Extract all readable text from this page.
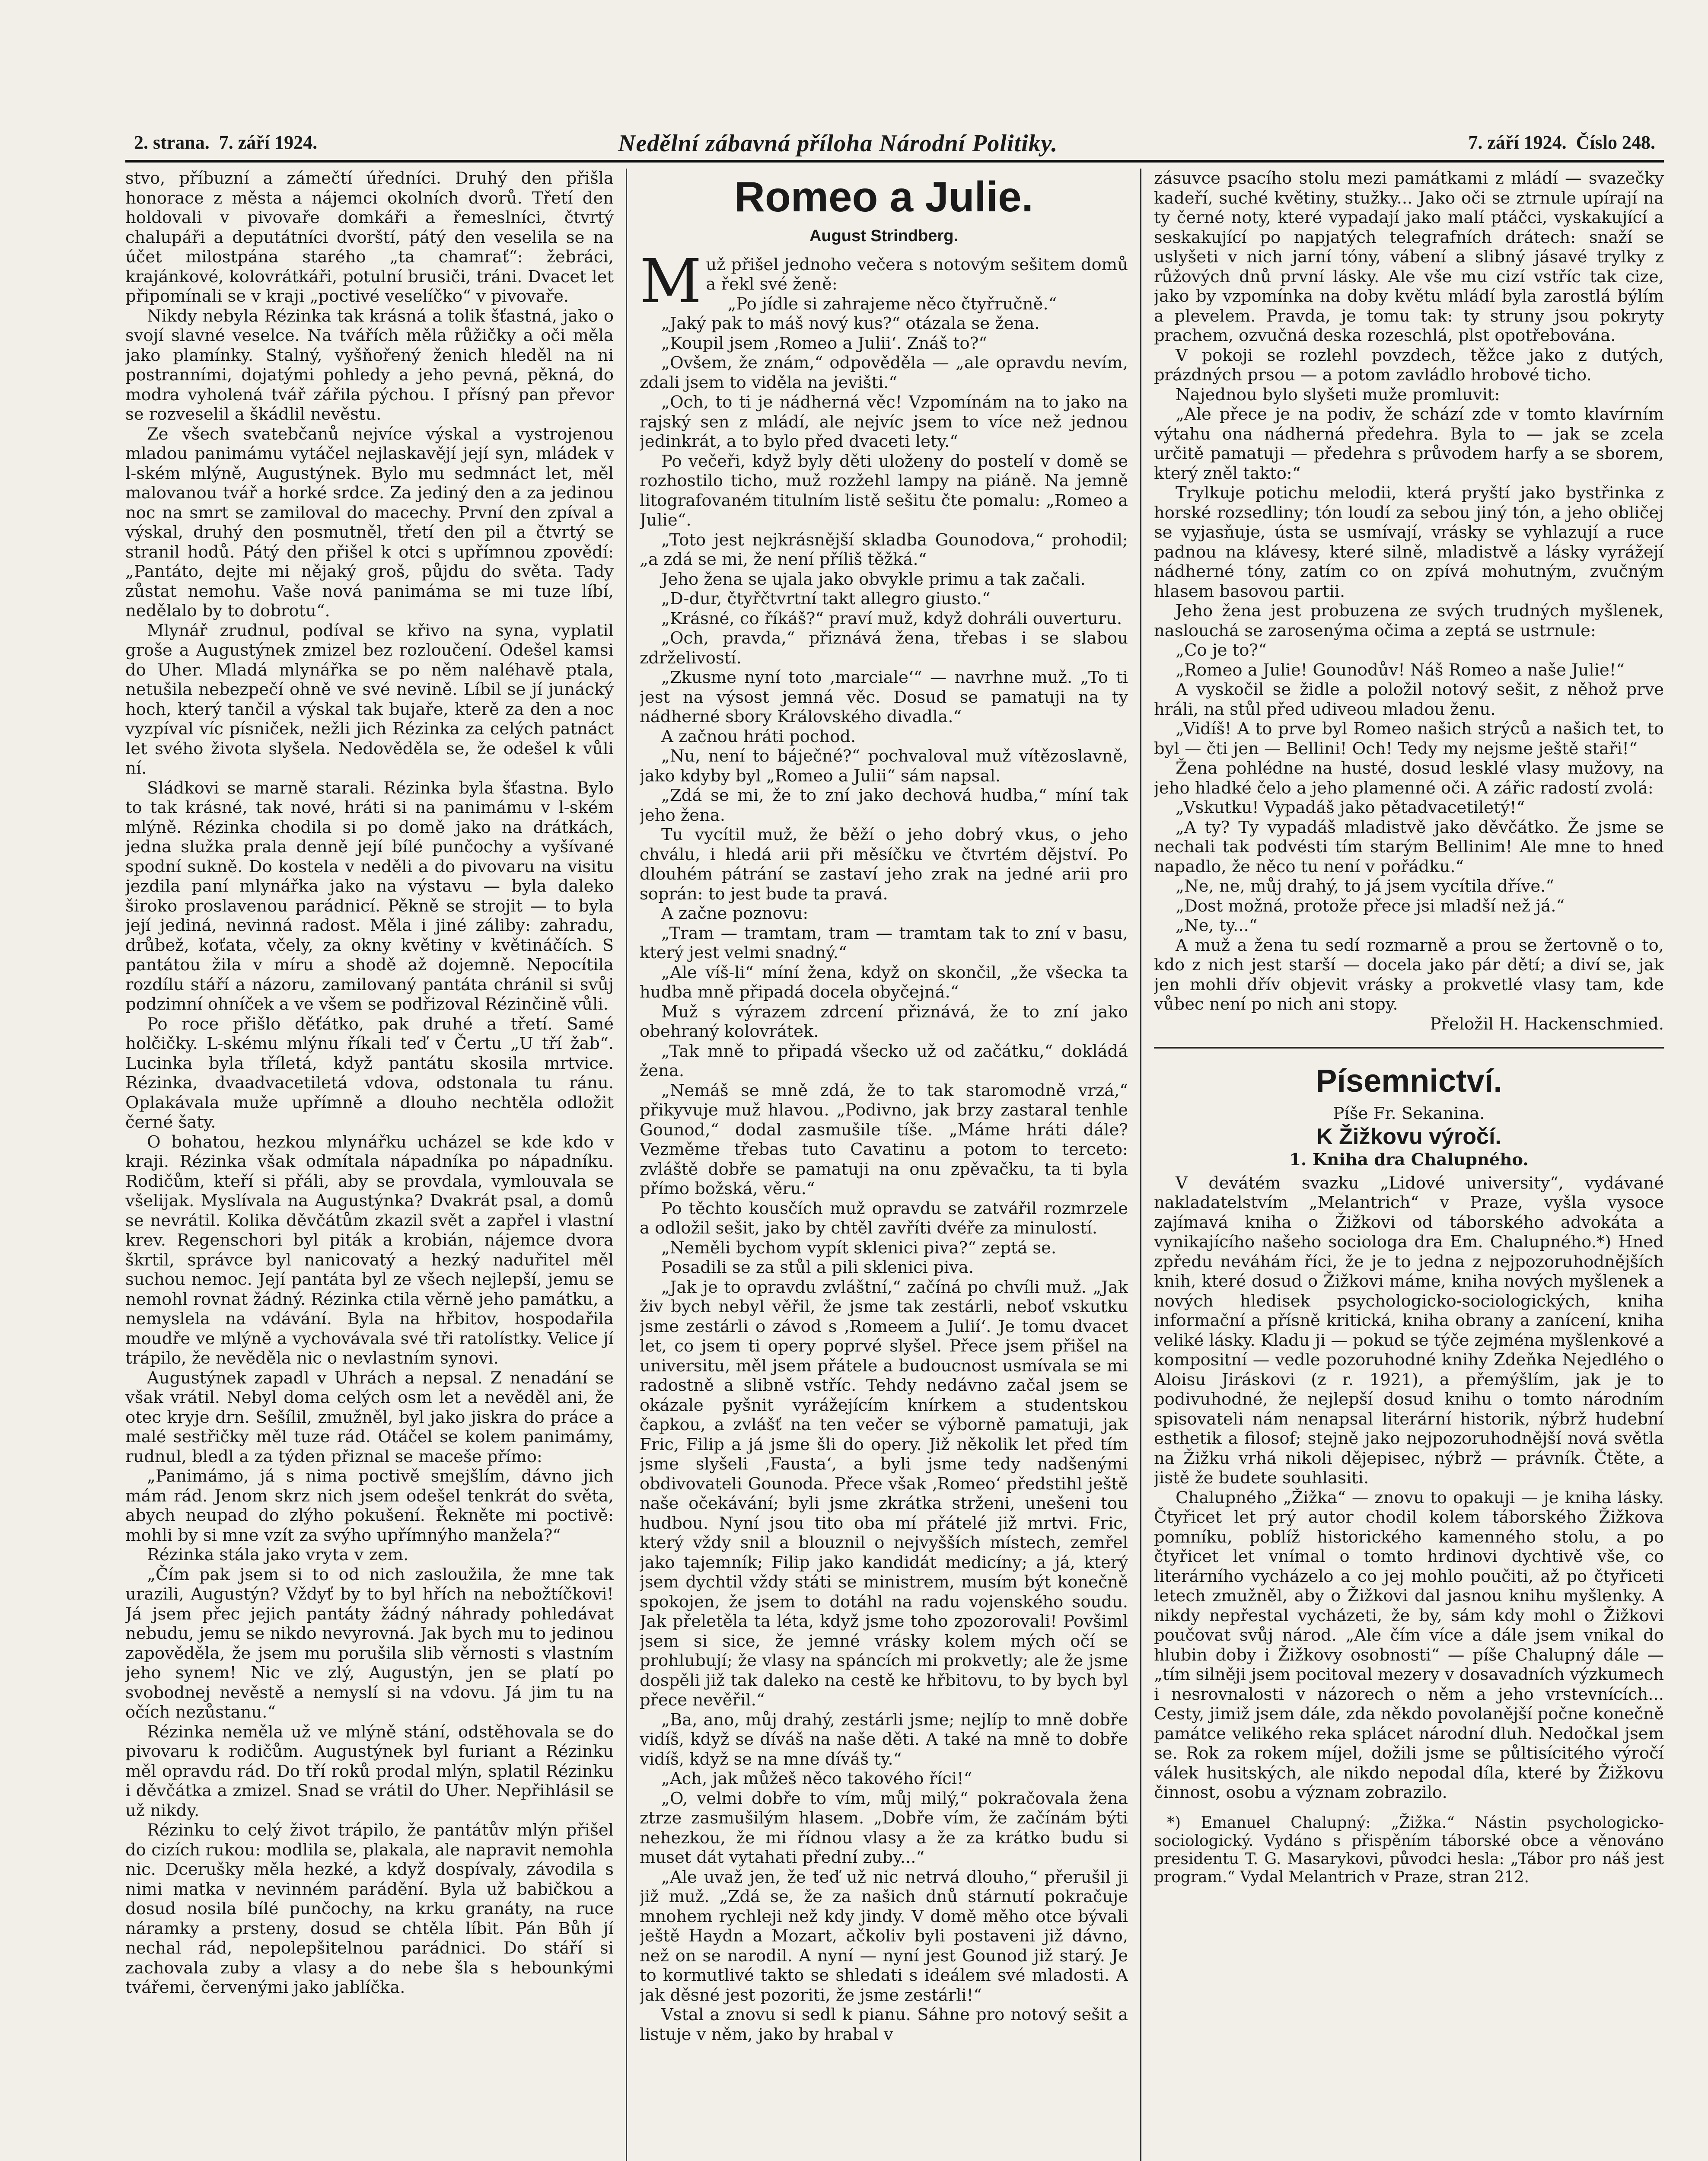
2. strana. 7. září 1924.	Nedělní zábavná příloha Národní Politiky.	7. září 1924. Číslo 248.

stvo, příbuzní a zámečtí úředníci. Druhý den přišla honorace z města a nájemci okolních dvorů. Třetí den holdovali v pivovaře domkáři a řemeslníci, čtvrtý chalupáři a deputátníci dvorští, pátý den veselila se na účet milostpána starého „ta chamrať“: žebráci, krajánkové, kolovrátkáři, potulní brusiči, tráni. Dvacet let připomínali se v kraji „poctivé veselíčko“ v pivovaře.

Nikdy nebyla Rézinka tak krásná a tolik šťastná, jako o svojí slavné veselce. Na tvářích měla růžičky a oči měla jako plamínky. Stalný, vyšňořený ženich hleděl na ni postranními, dojatými pohledy a jeho pevná, pěkná, do modra vyholená tvář zářila pýchou. I přísný pan převor se rozveselil a škádlil nevěstu.

Ze všech svatebčanů nejvíce výskal a vystrojenou mladou panimámu vytáčel nejlaskavějí její syn, mládek v l-ském mlýně, Augustýnek. Bylo mu sedmnáct let, měl malovanou tvář a horké srdce. Za jediný den a za jedinou noc na smrt se zamiloval do macechy. První den zpíval a výskal, druhý den posmutněl, třetí den pil a čtvrtý se stranil hodů. Pátý den přišel k otci s upřímnou zpovědí: „Pantáto, dejte mi nějaký groš, půjdu do světa. Tady zůstat nemohu. Vaše nová panimáma se mi tuze líbí, nedělalo by to dobrotu“.

Mlynář zrudnul, podíval se křivo na syna, vyplatil groše a Augustýnek zmizel bez rozloučení. Odešel kamsi do Uher. Mladá mlynářka se po něm naléhavě ptala, netušila nebezpečí ohně ve své nevině. Líbil se jí junácký hoch, který tančil a výskal tak bujaře, kterě za den a noc vyzpíval víc písniček, nežli jich Rézinka za celých patnáct let svého života slyšela. Nedověděla se, že odešel k vůli ní.

Sládkovi se marně starali. Rézinka byla šťastna. Bylo to tak krásné, tak nové, hráti si na panimámu v l-ském mlýně. Rézinka chodila si po domě jako na drátkách, jedna služka prala denně její bílé punčochy a vyšívané spodní sukně. Do kostela v neděli a do pivovaru na visitu jezdila paní mlynářka jako na výstavu — byla daleko široko proslavenou parádnicí. Pěkně se strojit — to byla její jediná, nevinná radost. Měla i jiné záliby: zahradu, drůbež, koťata, včely, za okny květiny v květináčích. S pantátou žila v míru a shodě až dojemně. Nepocítila rozdílu stáří a názoru, zamilovaný pantáta chránil si svůj podzimní ohníček a ve všem se podřizoval Rézinčině vůli.

Po roce přišlo děťátko, pak druhé a třetí. Samé holčičky. L-skému mlýnu říkali teď v Čertu „U tří žab“. Lucinka byla tříletá, když pantátu skosila mrtvice. Rézinka, dvaadvacetiletá vdova, odstonala tu ránu. Oplakávala muže upřímně a dlouho nechtěla odložit černé šaty.

O bohatou, hezkou mlynářku ucházel se kde kdo v kraji. Rézinka však odmítala nápadníka po nápadníku. Rodičům, kteří si přáli, aby se provdala, vymlouvala se všelijak. Myslívala na Augustýnka? Dvakrát psal, a domů se nevrátil. Kolika děvčátům zkazil svět a zapřel i vlastní krev. Regenschori byl piták a krobián, nájemce dvora škrtil, správce byl nanicovatý a hezký naduřitel měl suchou nemoc. Její pantáta byl ze všech nejlepší, jemu se nemohl rovnat žádný. Rézinka ctila věrně jeho památku, a nemyslela na vdávání. Byla na hřbitov, hospodařila moudře ve mlýně a vychovávala své tři ratolístky. Velice jí trápilo, že nevěděla nic o nevlastním synovi.

Augustýnek zapadl v Uhrách a nepsal. Z nenadání se však vrátil. Nebyl doma celých osm let a nevěděl ani, že otec kryje drn. Sešílil, zmužněl, byl jako jiskra do práce a malé sestřičky měl tuze rád. Otáčel se kolem panimámy, rudnul, bledl a za týden přiznal se maceše přímo:

„Panimámo, já s nima poctivě smejšlím, dávno jich mám rád. Jenom skrz nich jsem odešel tenkrát do světa, abych neupad do zlýho pokušení. Řekněte mi poctivě: mohli by si mne vzít za svýho upřímnýho manžela?“

Rézinka stála jako vryta v zem.

„Čím pak jsem si to od nich zasloužila, že mne tak urazili, Augustýn? Vždyť by to byl hřích na nebožtíčkovi! Já jsem přec jejich pantáty žádný náhrady pohledávat nebudu, jemu se nikdo nevyrovná. Jak bych mu to jedinou zapověděla, že jsem mu porušila slib věrnosti s vlastním jeho synem! Nic ve zlý, Augustýn, jen se platí po svobodnej nevěstě a nemyslí si na vdovu. Já jim tu na očích nezůstanu.“

Rézinka neměla už ve mlýně stání, odstěhovala se do pivovaru k rodičům. Augustýnek byl furiant a Rézinku měl opravdu rád. Do tří roků prodal mlýn, splatil Rézinku i děvčátka a zmizel. Snad se vrátil do Uher. Nepřihlásil se už nikdy.

Rézinku to celý život trápilo, že pantátův mlýn přišel do cizích rukou: modlila se, plakala, ale napravit nemohla nic. Dcerušky měla hezké, a když dospívaly, závodila s nimi matka v nevinném parádění. Byla už babičkou a dosud nosila bílé punčochy, na krku granáty, na ruce náramky a prsteny, dosud se chtěla líbit. Pán Bůh jí nechal rád, nepolepšitelnou parádnici. Do stáří si zachovala zuby a vlasy a do nebe šla s hebounkými tvářemi, červenými jako jablíčka.

Romeo a Julie.
August Strindberg.

Muž přišel jednoho večera s notovým sešitem domů a řekl své ženě:

„Po jídle si zahrajeme něco čtyřručně.“

„Jaký pak to máš nový kus?“ otázala se žena.

„Koupil jsem ‚Romeo a Julii‘. Znáš to?“

„Ovšem, že znám,“ odpověděla — „ale opravdu nevím, zdali jsem to viděla na jevišti.“

„Och, to ti je nádherná věc! Vzpomínám na to jako na rajský sen z mládí, ale nejvíc jsem to více než jednou jedinkrát, a to bylo před dvaceti lety.“

Po večeři, když byly děti uloženy do postelí v domě se rozhostilo ticho, muž rozžehl lampy na piáně. Na jemně litografovaném titulním listě sešitu čte pomalu: „Romeo a Julie“.

„Toto jest nejkrásnější skladba Gounodova,“ prohodil; „a zdá se mi, že není příliš těžká.“

Jeho žena se ujala jako obvykle primu a tak začali.

„D-dur, čtyřčtvrtní takt allegro giusto.“

„Krásné, co říkáš?“ praví muž, když dohráli ouverturu.

„Och, pravda,“ přiznává žena, třebas i se slabou zdrželivostí.

„Zkusme nyní toto ‚marciale‘“ — navrhne muž. „To ti jest na výsost jemná věc. Dosud se pamatuji na ty nádherné sbory Královského divadla.“

A začnou hráti pochod.

„Nu, není to báječné?“ pochvaloval muž vítězoslavně, jako kdyby byl „Romeo a Julii“ sám napsal.

„Zdá se mi, že to zní jako dechová hudba,“ míní tak jeho žena.

Tu vycítil muž, že běží o jeho dobrý vkus, o jeho chválu, i hledá arii při měsíčku ve čtvrtém dějství. Po dlouhém pátrání se zastaví jeho zrak na jedné arii pro soprán: to jest bude ta pravá.

A začne poznovu:

„Tram — tramtam, tram — tramtam tak to zní v basu, který jest velmi snadný.“

„Ale víš-li“ míní žena, když on skončil, „že všecka ta hudba mně připadá docela obyčejná.“

Muž s výrazem zdrcení přiznává, že to zní jako obehraný kolovrátek.

„Tak mně to připadá všecko už od začátku,“ dokládá žena.

„Nemáš se mně zdá, že to tak staromodně vrzá,“ přikyvuje muž hlavou. „Podivno, jak brzy zastaral tenhle Gounod,“ dodal zasmušile tíše. „Máme hráti dále? Vezměme třebas tuto Cavatinu a potom to terceto: zvláště dobře se pamatuji na onu zpěvačku, ta ti byla přímo božská, věru.“

Po těchto kousčích muž opravdu se zatvářil rozmrzele a odložil sešit, jako by chtěl zavříti dvéře za minulostí.

„Neměli bychom vypít sklenici piva?“ zeptá se.

Posadili se za stůl a pili sklenici piva.

„Jak je to opravdu zvláštní,“ začíná po chvíli muž. „Jak živ bych nebyl věřil, že jsme tak zestárli, neboť vskutku jsme zestárli o závod s ‚Romeem a Julií‘. Je tomu dvacet let, co jsem ti opery poprvé slyšel. Přece jsem přišel na universitu, měl jsem přátele a budoucnost usmívala se mi radostně a slibně vstříc. Tehdy nedávno začal jsem se okázale pyšnit vyrážejícím knírkem a studentskou čapkou, a zvlášť na ten večer se výborně pamatuji, jak Fric, Filip a já jsme šli do opery. Již několik let před tím jsme slyšeli ‚Fausta‘, a byli jsme tedy nadšenými obdivovateli Gounoda. Přece však ‚Romeo‘ předstihl ještě naše očekávání; byli jsme zkrátka strženi, unešeni tou hudbou. Nyní jsou tito oba mí přátelé již mrtvi. Fric, který vždy snil a blouznil o nejvyšších místech, zemřel jako tajemník; Filip jako kandidát medicíny; a já, který jsem dychtil vždy státi se ministrem, musím být konečně spokojen, že jsem to dotáhl na radu vojenského soudu. Jak přeletěla ta léta, když jsme toho zpozorovali! Povšiml jsem si sice, že jemné vrásky kolem mých očí se prohlubují; že vlasy na spáncích mi prokvetly; ale že jsme dospěli již tak daleko na cestě ke hřbitovu, to by bych byl přece nevěřil.“

„Ba, ano, můj drahý, zestárli jsme; nejlíp to mně dobře vidíš, když se díváš na naše děti. A také na mně to dobře vidíš, když se na mne díváš ty.“

„Ach, jak můžeš něco takového říci!“

„O, velmi dobře to vím, můj milý,“ pokračovala žena ztrze zasmušilým hlasem. „Dobře vím, že začínám býti nehezkou, že mi řídnou vlasy a že za krátko budu si muset dát vytahati přední zuby...“

„Ale uvaž jen, že teď už nic netrvá dlouho,“ přerušil ji již muž. „Zdá se, že za našich dnů stárnutí pokračuje mnohem rychleji než kdy jindy. V domě měho otce bývali ještě Haydn a Mozart, ačkoliv byli postaveni již dávno, než on se narodil. A nyní — nyní jest Gounod již starý. Je to kormutlivé takto se shledati s ideálem své mladosti. A jak děsné jest pozoriti, že jsme zestárli!“

Vstal a znovu si sedl k pianu. Sáhne pro notový sešit a listuje v něm, jako by hrabal v

zásuvce psacího stolu mezi památkami z mládí — svazečky kadeří, suché květiny, stužky... Jako oči se ztrnule upírají na ty černé noty, které vypadají jako malí ptáčci, vyskakující a seskakující po napjatých telegrafních drátech: snaží se uslyšeti v nich jarní tóny, vábení a slibný jásavé trylky z růžových dnů první lásky. Ale vše mu cizí vstříc tak cize, jako by vzpomínka na doby květu mládí byla zarostlá býlím a plevelem. Pravda, je tomu tak: ty struny jsou pokryty prachem, ozvučná deska rozeschlá, plst opotřebována.

V pokoji se rozlehl povzdech, těžce jako z dutých, prázdných prsou — a potom zavládlo hrobové ticho.

Najednou bylo slyšeti muže promluvit:

„Ale přece je na podiv, že schází zde v tomto klavírním výtahu ona nádherná předehra. Byla to — jak se zcela určitě pamatuji — předehra s průvodem harfy a se sborem, který zněl takto:“

Trylkuje potichu melodii, která pryští jako bystřinka z horské rozsedliny; tón loudí za sebou jiný tón, a jeho obličej se vyjasňuje, ústa se usmívají, vrásky se vyhlazují a ruce padnou na klávesy, které silně, mladistvě a lásky vyrážejí nádherné tóny, zatím co on zpívá mohutným, zvučným hlasem basovou partii.

Jeho žena jest probuzena ze svých trudných myšlenek, naslouchá se zarosenýma očima a zeptá se ustrnule:

„Co je to?“

„Romeo a Julie! Gounodův! Náš Romeo a naše Julie!“

A vyskočil se židle a položil notový sešit, z něhož prve hráli, na stůl před udiveou mladou ženu.

„Vidíš! A to prve byl Romeo našich strýců a našich tet, to byl — čti jen — Bellini! Och! Tedy my nejsme ještě staři!“

Žena pohlédne na husté, dosud lesklé vlasy mužovy, na jeho hladké čelo a jeho plamenné oči. A zářic radostí zvolá:

„Vskutku! Vypadáš jako pětadvacetiletý!“

„A ty? Ty vypadáš mladistvě jako děvčátko. Že jsme se nechali tak podvésti tím starým Bellinim! Ale mne to hned napadlo, že něco tu není v pořádku.“

„Ne, ne, můj drahý, to já jsem vycítila dříve.“

„Dost možná, protože přece jsi mladší než já.“

„Ne, ty...“

A muž a žena tu sedí rozmarně a prou se žertovně o to, kdo z nich jest starší — docela jako pár dětí; a diví se, jak jen mohli dřív objevit vrásky a prokvetlé vlasy tam, kde vůbec není po nich ani stopy.

Přeložil H. Hackenschmied.

Písemnictví.
Píše Fr. Sekanina.
K Žižkovu výročí.
1. Kniha dra Chalupného.

V devátém svazku „Lidové university“, vydávané nakladatelstvím „Melantrich“ v Praze, vyšla vysoce zajímavá kniha o Žižkovi od táborského advokáta a vynikajícího našeho sociologa dra Em. Chalupného.*) Hned zpředu neváhám říci, že je to jedna z nejpozoruhodnějších knih, které dosud o Žižkovi máme, kniha nových myšlenek a nových hledisek psychologicko-sociologických, kniha informační a přísně kritická, kniha obrany a zanícení, kniha veliké lásky. Kladu ji — pokud se týče zejména myšlenkové a kompositní — vedle pozoruhodné knihy Zdeňka Nejedlého o Aloisu Jiráskovi (z r. 1921), a přemýšlím, jak je to podivuhodné, že nejlepší dosud knihu o tomto národním spisovateli nám nenapsal literární historik, nýbrž hudební esthetik a filosof; stejně jako nejpozoruhodnější nová světla na Žižku vrhá nikoli dějepisec, nýbrž — právník. Čtěte, a jistě že budete souhlasiti.

Chalupného „Žižka“ — znovu to opakuji — je kniha lásky. Čtyřicet let prý autor chodil kolem táborského Žižkova pomníku, poblíž historického kamenného stolu, a po čtyřicet let vnímal o tomto hrdinovi dychtivě vše, co literárního vycházelo a co jej mohlo poučiti, až po čtyřiceti letech zmužněl, aby o Žižkovi dal jasnou knihu myšlenky. A nikdy nepřestal vycházeti, že by, sám kdy mohl o Žižkovi poučovat svůj národ. „Ale čím více a dále jsem vnikal do hlubin doby i Žižkovy osobnosti“ — píše Chalupný dále — „tím silněji jsem pocitoval mezery v dosavadních výzkumech i nesrovnalosti v názorech o něm a jeho vrstevnících... Cesty, jimiž jsem dále, zda někdo povolanější počne konečně památce velikého reka splácet národní dluh. Nedočkal jsem se. Rok za rokem míjel, dožili jsme se půltisícitého výročí válek husitských, ale nikdo nepodal díla, které by Žižkovu činnost, osobu a význam zobrazilo.

*) Emanuel Chalupný: „Žižka.“ Nástin psychologicko-sociologický. Vydáno s přispěním táborské obce a věnováno presidentu T. G. Masarykovi, původci hesla: „Tábor pro náš jest program.“ Vydal Melantrich v Praze, stran 212.
